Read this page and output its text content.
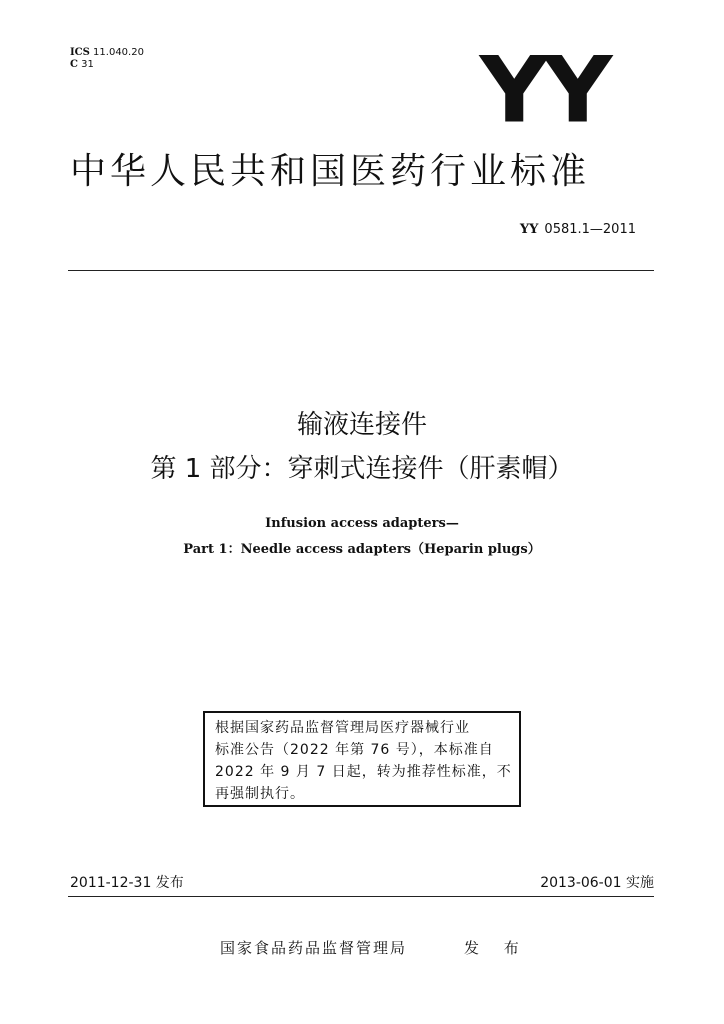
ICS 11.040.20
C 31	YY
中华人民共和国医药行业标准
YY 0581.1—2011
输液连接件
第 1 部分：穿刺式连接件（肝素帽）
Infusion access adapters—
Part 1：Needle access adapters（Heparin plugs）
根据国家药品监督管理局医疗器械行业
标准公告（2022 年第 76 号），本标准自
2022 年 9 月 7 日起，转为推荐性标准，不
再强制执行。
2011-12-31 发布	2013-06-01 实施
国家食品药品监督管理局	发 布
